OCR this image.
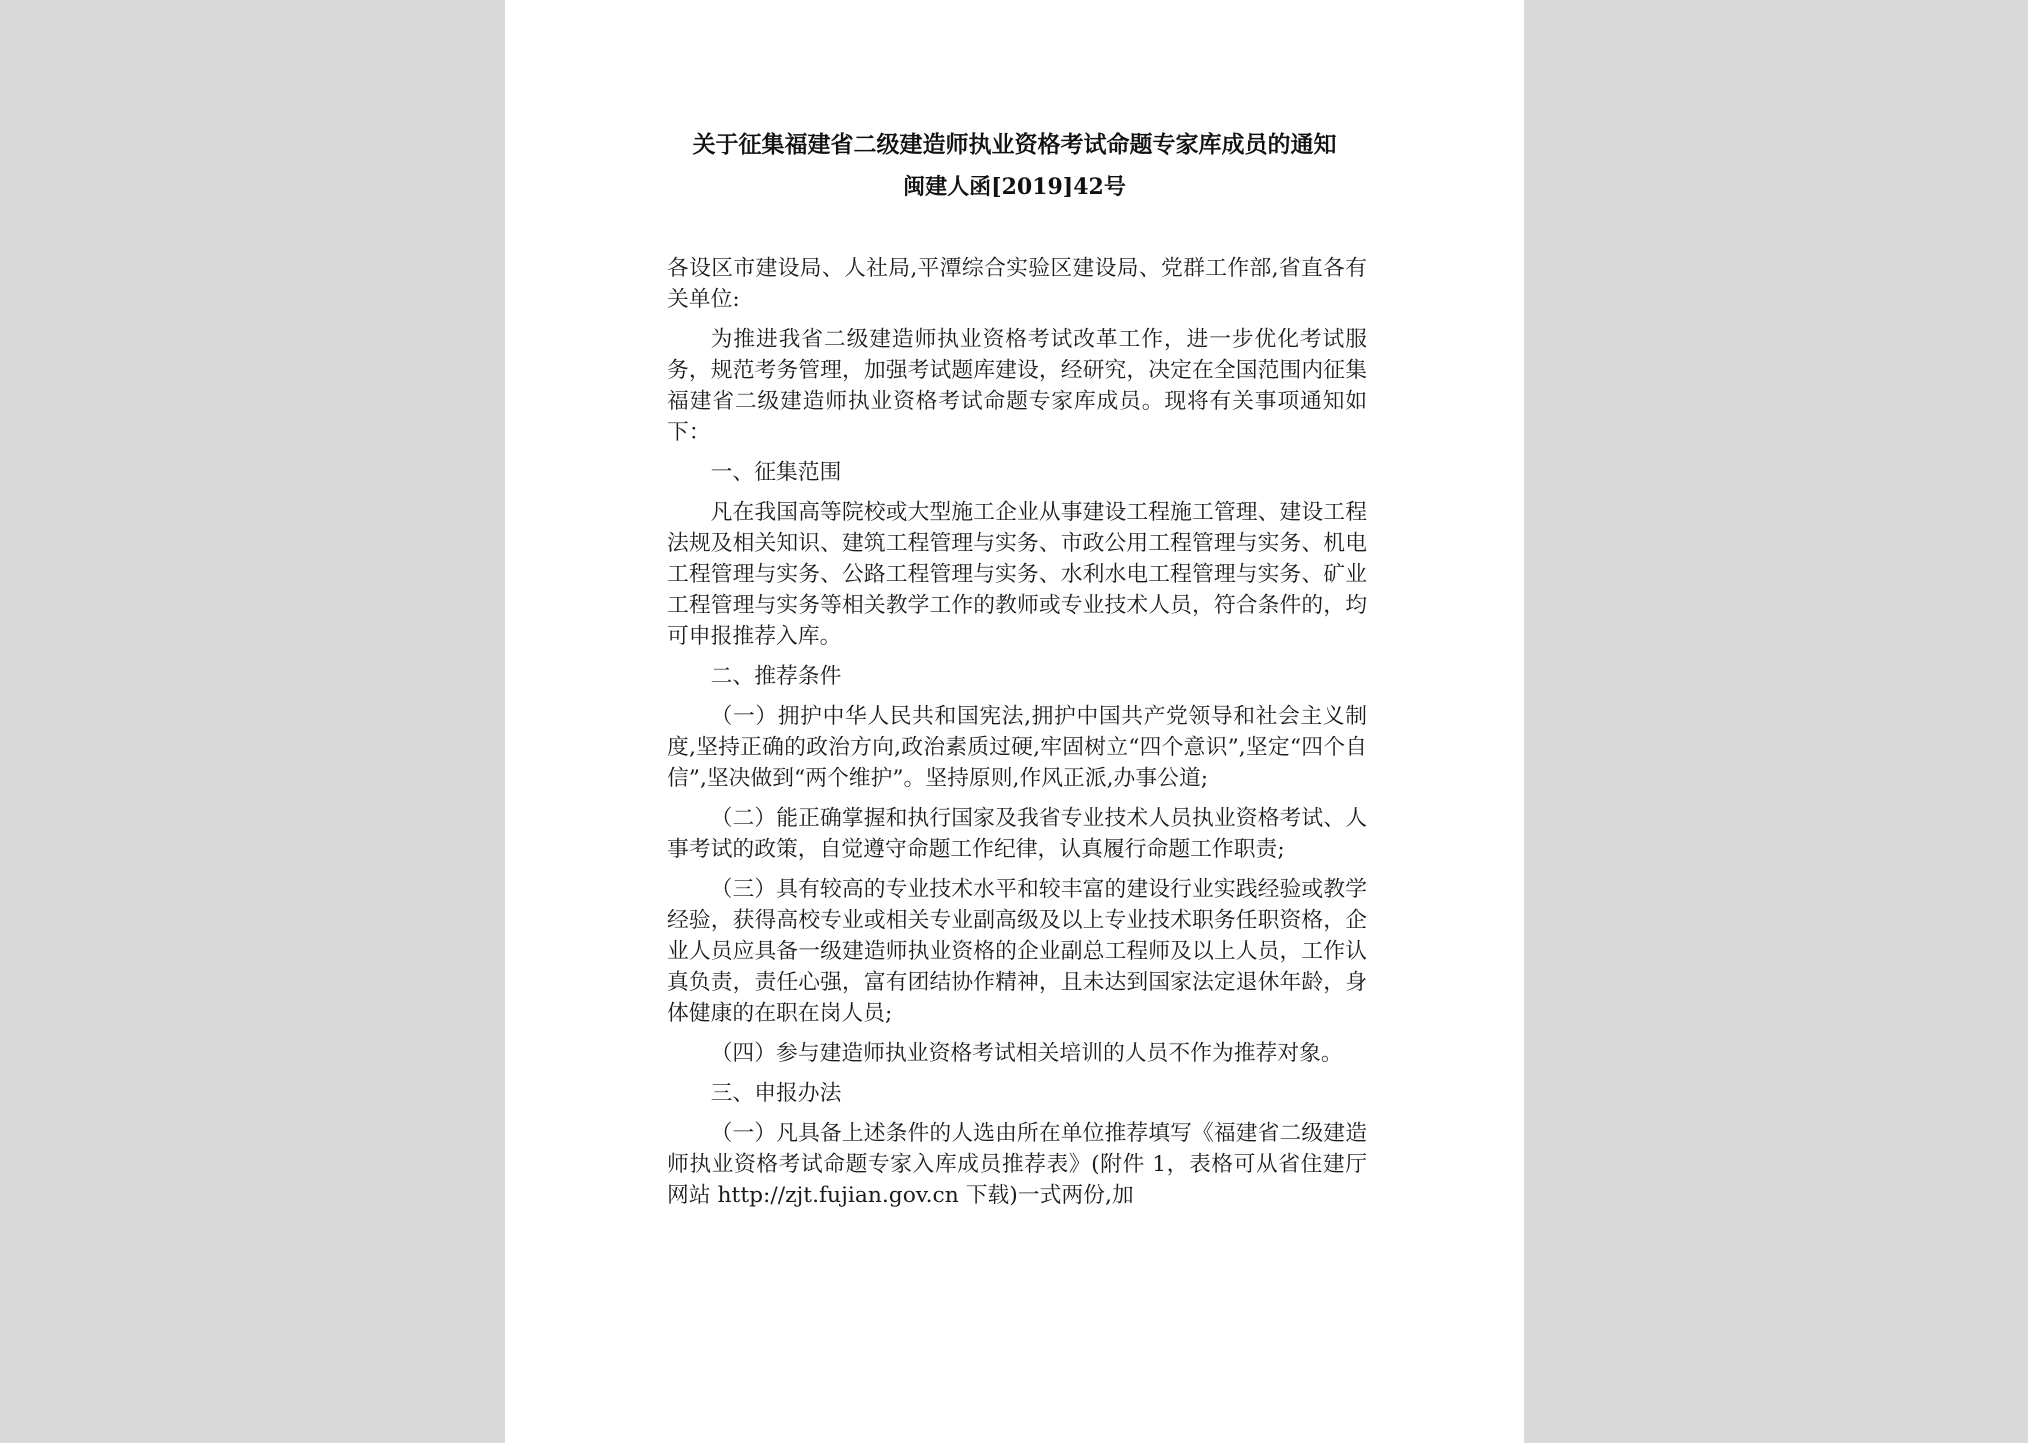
关于征集福建省二级建造师执业资格考试命题专家库成员的通知
闽建人函[2019]42号

各设区市建设局、人社局,平潭综合实验区建设局、党群工作部,省直各有关单位:

为推进我省二级建造师执业资格考试改革工作，进一步优化考试服务，规范考务管理，加强考试题库建设，经研究，决定在全国范围内征集福建省二级建造师执业资格考试命题专家库成员。现将有关事项通知如下：

一、征集范围

凡在我国高等院校或大型施工企业从事建设工程施工管理、建设工程法规及相关知识、建筑工程管理与实务、市政公用工程管理与实务、机电工程管理与实务、公路工程管理与实务、水利水电工程管理与实务、矿业工程管理与实务等相关教学工作的教师或专业技术人员，符合条件的，均可申报推荐入库。

二、推荐条件

（一）拥护中华人民共和国宪法,拥护中国共产党领导和社会主义制度,坚持正确的政治方向,政治素质过硬,牢固树立“四个意识”,坚定“四个自信”,坚决做到“两个维护”。坚持原则,作风正派,办事公道;

（二）能正确掌握和执行国家及我省专业技术人员执业资格考试、人事考试的政策，自觉遵守命题工作纪律，认真履行命题工作职责;

（三）具有较高的专业技术水平和较丰富的建设行业实践经验或教学经验，获得高校专业或相关专业副高级及以上专业技术职务任职资格，企业人员应具备一级建造师执业资格的企业副总工程师及以上人员，工作认真负责，责任心强，富有团结协作精神，且未达到国家法定退休年龄，身体健康的在职在岗人员;

（四）参与建造师执业资格考试相关培训的人员不作为推荐对象。

三、申报办法

（一）凡具备上述条件的人选由所在单位推荐填写《福建省二级建造师执业资格考试命题专家入库成员推荐表》(附件 1，表格可从省住建厅网站 http://zjt.fujian.gov.cn 下载)一式两份,加
